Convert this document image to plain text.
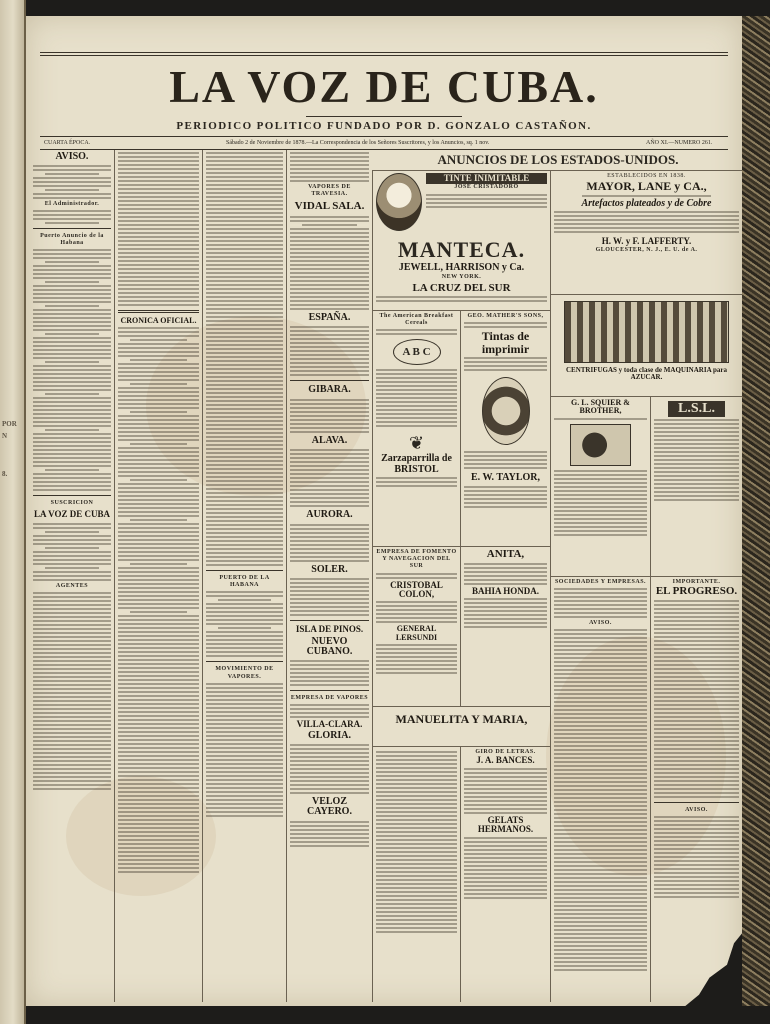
POR
N
8.
LA VOZ DE CUBA.
PERIODICO POLITICO FUNDADO POR D. GONZALO CASTAÑON.
CUARTA ÉPOCA.	Sábado 2 de Noviembre de 1878.—La Correspondencia de los Señores Suscritores, y los Anuncios, sq. 1 nov.	AÑO XI.—NUMERO 261.
AVISO.
El Administrador.
Puerto Anuncio de la Habana
SUSCRICION
LA VOZ DE CUBA
AGENTES
CRONICA OFICIAL.
PUERTO DE LA HABANA
MOVIMIENTO DE VAPORES.
VAPORES DE TRAVESIA.
VIDAL SALA.
ESPAÑA.
GIBARA.
ALAVA.
AURORA.
SOLER.
ISLA DE PINOS.
NUEVO CUBANO.
EMPRESA DE VAPORES
VILLA-CLARA.
GLORIA.
VELOZ CAYERO.
ANUNCIOS DE LOS ESTADOS-UNIDOS.
TINTE INIMITABLE
JOSÉ CRISTADORO
MANTECA.
JEWELL, HARRISON y Ca.
NEW YORK.
LA CRUZ DEL SUR
The American Breakfast Cereals
A B C
❦
Zarzaparrilla de BRISTOL
GEO. MATHER'S SONS,
Tintas de imprimir
E. W. TAYLOR,
ESTABLECIDOS EN 1838.
MAYOR, LANE y CA.,
Artefactos plateados y de Cobre
H. W. y F. LAFFERTY.
GLOUCESTER, N. J., E. U. de A.
CENTRIFUGAS y toda clase de MAQUINARIA para AZUCAR.
G. L. SQUIER & BROTHER,	L.S.L.
EMPRESA DE FOMENTO Y NAVEGACION DEL SUR
CRISTOBAL COLON,
GENERAL LERSUNDI
ANITA,
BAHIA HONDA.
MANUELITA Y MARIA,
GIRO DE LETRAS.
J. A. BANCES.
GELATS HERMANOS.
SOCIEDADES Y EMPRESAS.
AVISO.
IMPORTANTE.
EL PROGRESO.
AVISO.
